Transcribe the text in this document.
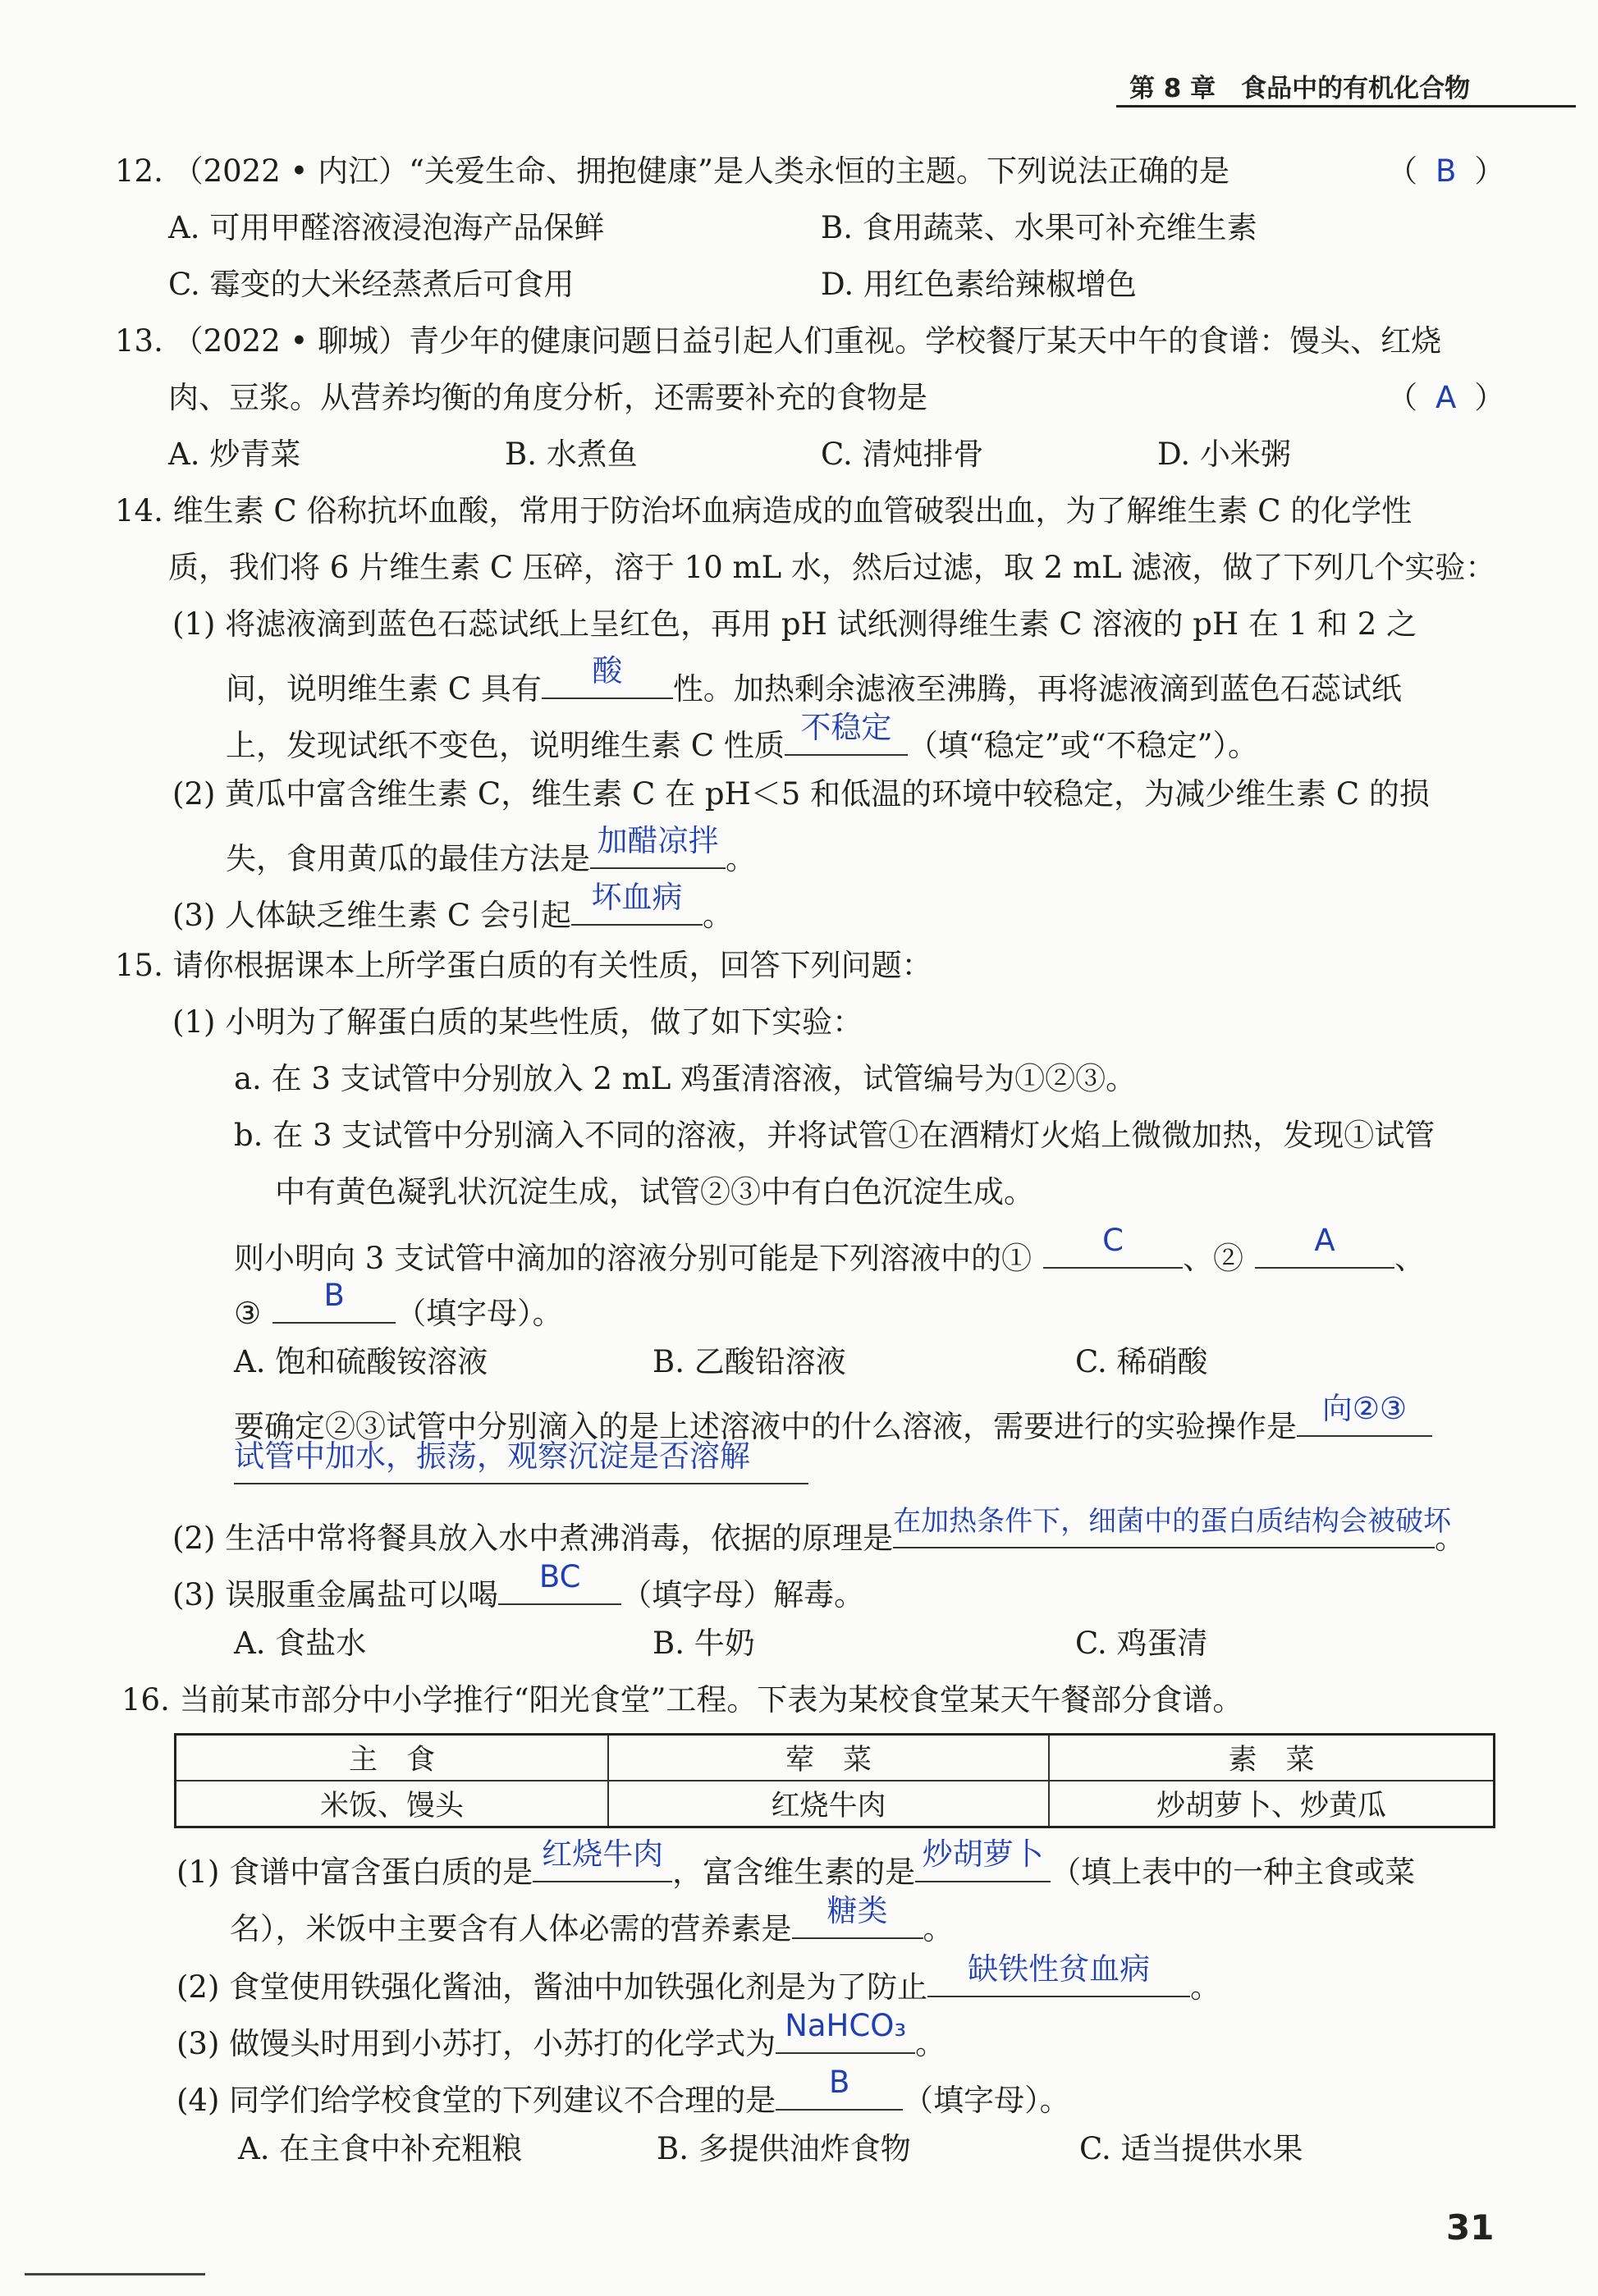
第 8 章　食品中的有机化合物
12. （2022 • 内江）“关爱生命、拥抱健康”是人类永恒的主题。下列说法正确的是	（ B ）
A. 可用甲醛溶液浸泡海产品保鲜	B. 食用蔬菜、水果可补充维生素
C. 霉变的大米经蒸煮后可食用	D. 用红色素给辣椒增色
13. （2022 • 聊城）青少年的健康问题日益引起人们重视。学校餐厅某天中午的食谱：馒头、红烧
肉、豆浆。从营养均衡的角度分析，还需要补充的食物是	（ A ）
A. 炒青菜	B. 水煮鱼	C. 清炖排骨	D. 小米粥
14. 维生素 C 俗称抗坏血酸，常用于防治坏血病造成的血管破裂出血，为了解维生素 C 的化学性
质，我们将 6 片维生素 C 压碎，溶于 10 mL 水，然后过滤，取 2 mL 滤液，做了下列几个实验：
(1) 将滤液滴到蓝色石蕊试纸上呈红色，再用 pH 试纸测得维生素 C 溶液的 pH 在 1 和 2 之
间，说明维生素 C 具有
酸
性。加热剩余滤液至沸腾，再将滤液滴到蓝色石蕊试纸
上，发现试纸不变色，说明维生素 C 性质
不稳定
（填“稳定”或“不稳定”）。
(2) 黄瓜中富含维生素 C，维生素 C 在 pH＜5 和低温的环境中较稳定，为减少维生素 C 的损
失，食用黄瓜的最佳方法是
加醋凉拌
。
(3) 人体缺乏维生素 C 会引起
坏血病
。
15. 请你根据课本上所学蛋白质的有关性质，回答下列问题：
(1) 小明为了解蛋白质的某些性质，做了如下实验：
a. 在 3 支试管中分别放入 2 mL 鸡蛋清溶液，试管编号为①②③。
b. 在 3 支试管中分别滴入不同的溶液，并将试管①在酒精灯火焰上微微加热，发现①试管
中有黄色凝乳状沉淀生成，试管②③中有白色沉淀生成。
则小明向 3 支试管中滴加的溶液分别可能是下列溶液中的①
C
、②
A
、
③
B
（填字母）。
A. 饱和硫酸铵溶液	B. 乙酸铅溶液	C. 稀硝酸
要确定②③试管中分别滴入的是上述溶液中的什么溶液，需要进行的实验操作是
向②③
试管中加水，振荡，观察沉淀是否溶解
(2) 生活中常将餐具放入水中煮沸消毒，依据的原理是 在加热条件下，细菌中的蛋白质结构会被破坏
。
(3) 误服重金属盐可以喝
BC
（填字母）解毒。
A. 食盐水	B. 牛奶	C. 鸡蛋清
16. 当前某市部分中小学推行“阳光食堂”工程。下表为某校食堂某天午餐部分食谱。
主　食	荤　菜	素　菜
米饭、馒头	红烧牛肉	炒胡萝卜、炒黄瓜
(1) 食谱中富含蛋白质的是
红烧牛肉
，富含维生素的是
炒胡萝卜
（填上表中的一种主食或菜
名），米饭中主要含有人体必需的营养素是
糖类
。
(2) 食堂使用铁强化酱油，酱油中加铁强化剂是为了防止
缺铁性贫血病
。
(3) 做馒头时用到小苏打，小苏打的化学式为
NaHCO₃
。
(4) 同学们给学校食堂的下列建议不合理的是
B
（填字母）。
A. 在主食中补充粗粮	B. 多提供油炸食物	C. 适当提供水果
31
